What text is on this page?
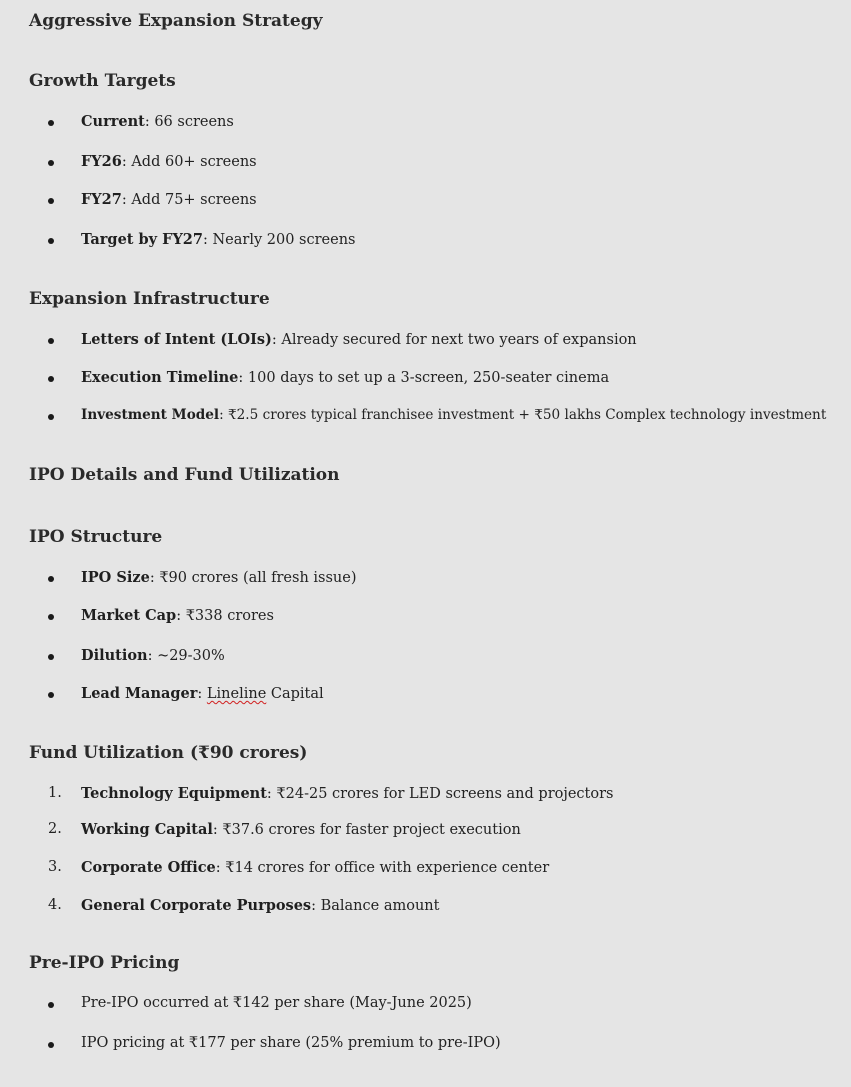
Aggressive Expansion Strategy
Growth Targets
Current: 66 screens
FY26: Add 60+ screens
FY27: Add 75+ screens
Target by FY27: Nearly 200 screens
Expansion Infrastructure
Letters of Intent (LOIs): Already secured for next two years of expansion
Execution Timeline: 100 days to set up a 3-screen, 250-seater cinema
Investment Model: ₹2.5 crores typical franchisee investment + ₹50 lakhs Complex technology investment
IPO Details and Fund Utilization
IPO Structure
IPO Size: ₹90 crores (all fresh issue)
Market Cap: ₹338 crores
Dilution: ~29-30%
Lead Manager: Lineline Capital
Fund Utilization (₹90 crores)
1. Technology Equipment: ₹24-25 crores for LED screens and projectors
2. Working Capital: ₹37.6 crores for faster project execution
3. Corporate Office: ₹14 crores for office with experience center
4. General Corporate Purposes: Balance amount
Pre-IPO Pricing
Pre-IPO occurred at ₹142 per share (May-June 2025)
IPO pricing at ₹177 per share (25% premium to pre-IPO)
